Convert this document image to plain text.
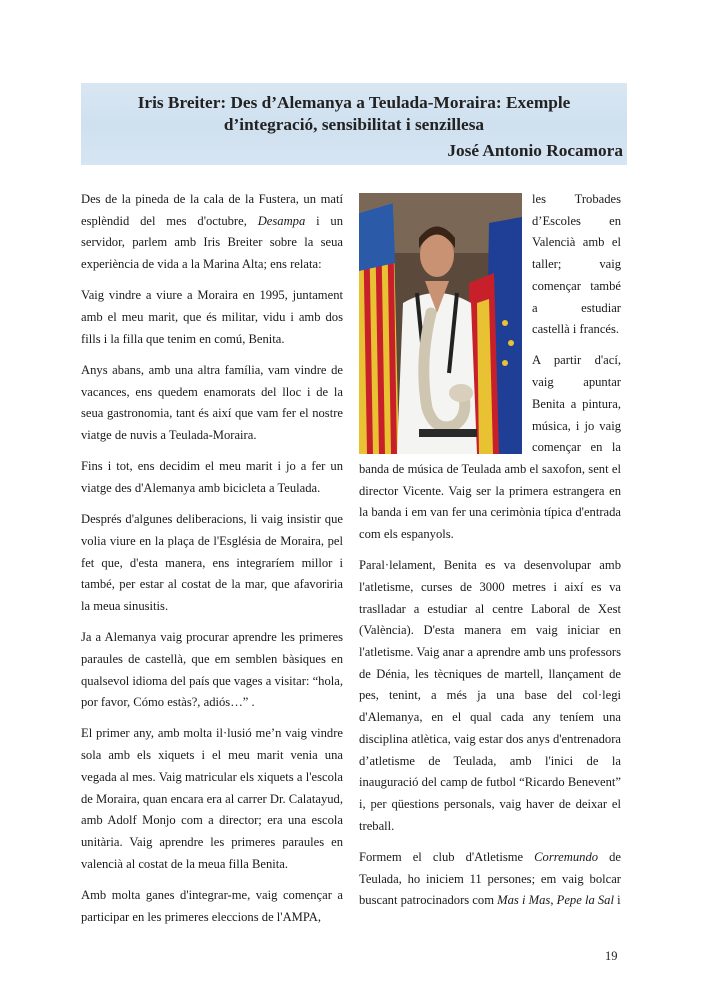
Iris Breiter: Des d’Alemanya a Teulada-Moraira: Exemple
d’integració, sensibilitat i senzillesa

José Antonio Rocamora

Des de la pineda de la cala de la Fustera, un matí esplèndid del mes d'octubre, Desampa i un servidor, parlem amb Iris Breiter sobre la seua experiència de vida a la Marina Alta; ens relata:

Vaig vindre a viure a Moraira en 1995, juntament amb el meu marit, que és militar, vidu i amb dos fills i la filla que tenim en comú, Benita.

Anys abans, amb una altra família, vam vindre de vacances, ens quedem enamorats del lloc i de la seua gastronomia, tant és així que vam fer el nostre viatge de nuvis a Teulada-Moraira.

Fins i tot, ens decidim el meu marit i jo a fer un viatge des d'Alemanya amb bicicleta a Teulada.

Després d'algunes deliberacions, li vaig insistir que volia viure en la plaça de l'Església de Moraira, pel fet que, d'esta manera, ens integraríem millor i també, per estar al costat de la mar, que afavoriria la meua sinusitis.

Ja a Alemanya vaig procurar aprendre les primeres paraules de castellà, que em semblen bàsiques en qualsevol idioma del país que vages a visitar: “hola, por favor, Cómo estàs?, adiós…” .

El primer any, amb molta il·lusió me’n vaig vindre sola amb els xiquets i el meu marit venia una vegada al mes. Vaig matricular els xiquets a l'escola de Moraira, quan encara era al carrer Dr. Calatayud, amb Adolf Monjo com a director; era una escola unitària. Vaig aprendre les primeres paraules en valencià al costat de la meua filla Benita.

Amb molta ganes d'integrar-me, vaig començar a participar en les primeres eleccions de l'AMPA,

les Trobades d’Escoles en Valencià amb el taller; vaig començar també a estudiar castellà i francés.

A partir d'ací, vaig apuntar Benita a pintura, música, i jo vaig començar en la banda de música de Teulada amb el saxofon, sent el director Vicente. Vaig ser la primera estrangera en la banda i em van fer una cerimònia típica d'entrada com els espanyols.

Paral·lelament, Benita es va desenvolupar amb l'atletisme, curses de 3000 metres i així es va traslladar a estudiar al centre Laboral de Xest (València). D'esta manera em vaig iniciar en l'atletisme. Vaig anar a aprendre amb uns professors de Dénia, les tècniques de martell, llançament de pes, tenint, a més ja una base del col·legi d'Alemanya, en el qual cada any teníem una disciplina atlètica, vaig estar dos anys d'entrenadora d’atletisme de Teulada, amb l'inici de la inauguració del camp de futbol “Ricardo Benevent” i, per qüestions personals, vaig haver de deixar el treball.

Formem el club d'Atletisme Corremundo de Teulada, ho iniciem 11 persones; em vaig bolcar buscant patrocinadors com Mas i Mas, Pepe la Sal i

19
